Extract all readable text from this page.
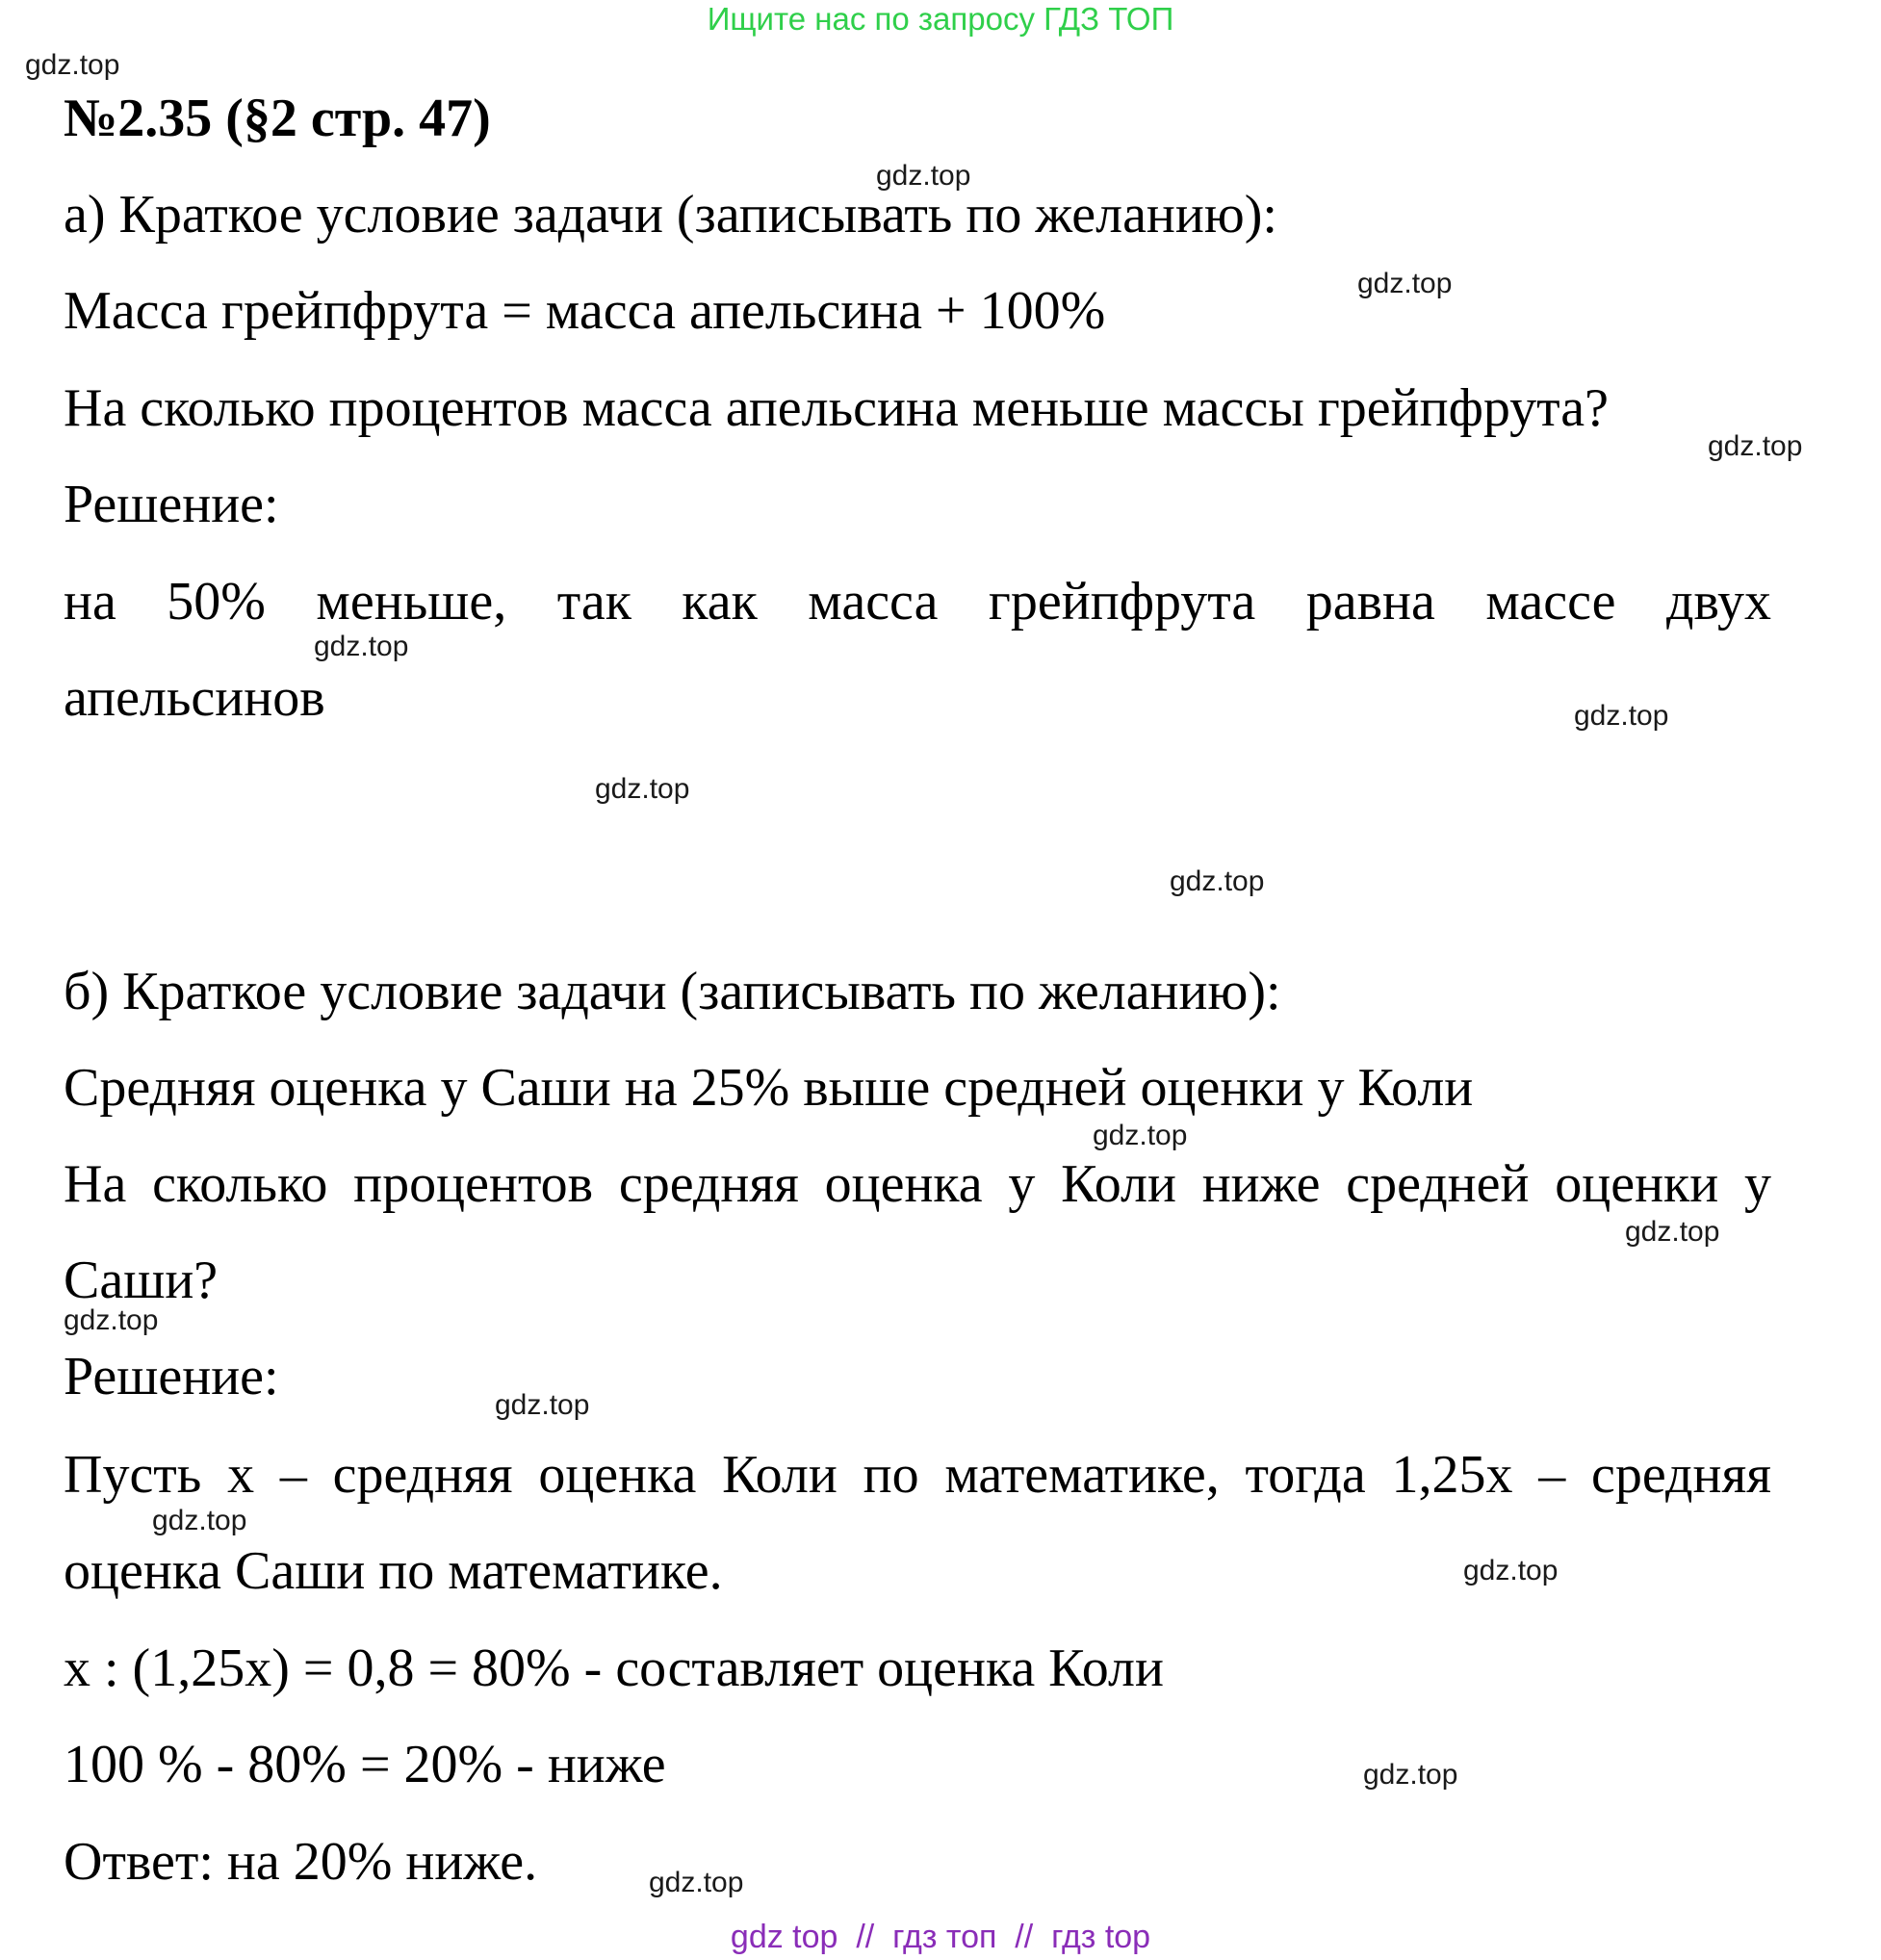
Ищите нас по запросу ГДЗ ТОП
№2.35 (§2 стр. 47)
а) Краткое условие задачи (записывать по желанию):
Масса грейпфрута = масса апельсина + 100%
На сколько процентов масса апельсина меньше массы грейпфрута?
Решение:
на 50% меньше, так как масса грейпфрута равна массе двух
апельсинов
б) Краткое условие задачи (записывать по желанию):
Средняя оценка у Саши на 25% выше средней оценки у Коли
На сколько процентов средняя оценка у Коли ниже средней оценки у
Саши?
Решение:
Пусть x – средняя оценка Коли по математике, тогда 1,25x – средняя
оценка Саши по математике.
x : (1,25x) = 0,8 = 80% - составляет оценка Коли
100 % - 80% = 20% - ниже
Ответ: на 20% ниже.
gdz.top
gdz.top
gdz.top
gdz.top
gdz.top
gdz.top
gdz.top
gdz.top
gdz.top
gdz.top
gdz.top
gdz.top
gdz.top
gdz.top
gdz.top
gdz.top
gdz top  //  гдз топ  //  гдз top
